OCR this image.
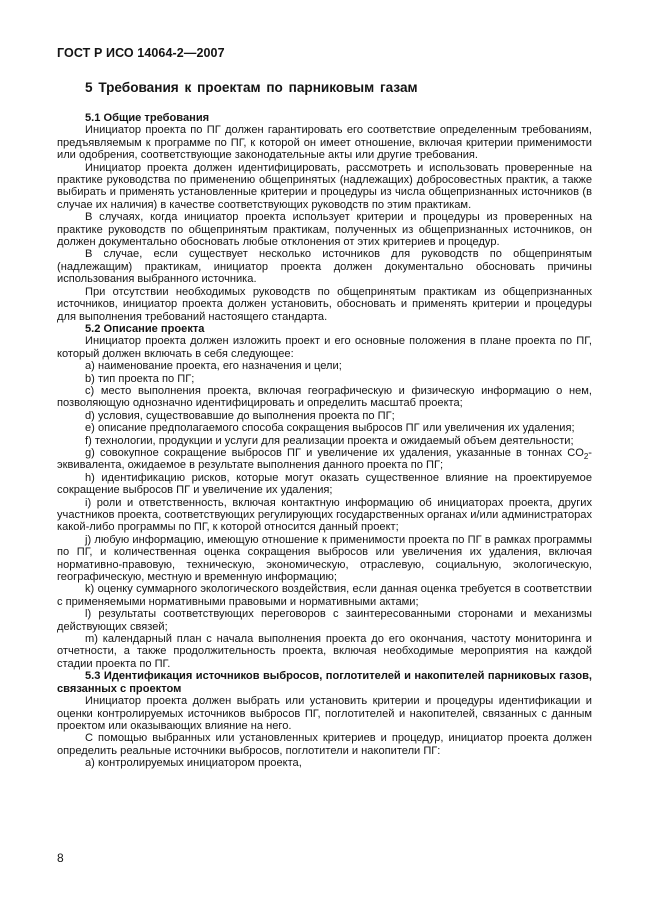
ГОСТ Р ИСО 14064-2—2007

5 Требования к проектам по парниковым газам

5.1 Общие требования

Инициатор проекта по ПГ должен гарантировать его соответствие определенным требованиям, предъявляемым к программе по ПГ, к которой он имеет отношение, включая критерии применимости или одобрения, соответствующие законодательные акты или другие требования.

Инициатор проекта должен идентифицировать, рассмотреть и использовать проверенные на практике руководства по применению общепринятых (надлежащих) добросовестных практик, а также выбирать и применять установленные критерии и процедуры из числа общепризнанных источников (в случае их наличия) в качестве соответствующих руководств по этим практикам.

В случаях, когда инициатор проекта использует критерии и процедуры из проверенных на практике руководств по общепринятым практикам, полученных из общепризнанных источников, он должен документально обосновать любые отклонения от этих критериев и процедур.

В случае, если существует несколько источников для руководств по общепринятым (надлежащим) практикам, инициатор проекта должен документально обосновать причины использования выбранного источника.

При отсутствии необходимых руководств по общепринятым практикам из общепризнанных источников, инициатор проекта должен установить, обосновать и применять критерии и процедуры для выполнения требований настоящего стандарта.

5.2 Описание проекта

Инициатор проекта должен изложить проект и его основные положения в плане проекта по ПГ, который должен включать в себя следующее:

а) наименование проекта, его назначения и цели;

b) тип проекта по ПГ;

с) место выполнения проекта, включая географическую и физическую информацию о нем, позволяющую однозначно идентифицировать и определить масштаб проекта;

d) условия, существовавшие до выполнения проекта по ПГ;

е) описание предполагаемого способа сокращения выбросов ПГ или увеличения их удаления;

f) технологии, продукции и услуги для реализации проекта и ожидаемый объем деятельности;

g) совокупное сокращение выбросов ПГ и увеличение их удаления, указанные в тоннах $CO_2$-эквивалента, ожидаемое в результате выполнения данного проекта по ПГ;

h) идентификацию рисков, которые могут оказать существенное влияние на проектируемое сокращение выбросов ПГ и увеличение их удаления;

i) роли и ответственность, включая контактную информацию об инициаторах проекта, других участников проекта, соответствующих регулирующих государственных органах и/или администраторах какой-либо программы по ПГ, к которой относится данный проект;

j) любую информацию, имеющую отношение к применимости проекта по ПГ в рамках программы по ПГ, и количественная оценка сокращения выбросов или увеличения их удаления, включая нормативно-правовую, техническую, экономическую, отраслевую, социальную, экологическую, географическую, местную и временную информацию;

k) оценку суммарного экологического воздействия, если данная оценка требуется в соответствии с применяемыми нормативными правовыми и нормативными актами;

l) результаты соответствующих переговоров с заинтересованными сторонами и механизмы действующих связей;

m) календарный план с начала выполнения проекта до его окончания, частоту мониторинга и отчетности, а также продолжительность проекта, включая необходимые мероприятия на каждой стадии проекта по ПГ.

5.3 Идентификация источников выбросов, поглотителей и накопителей парниковых газов, связанных с проектом

Инициатор проекта должен выбрать или установить критерии и процедуры идентификации и оценки контролируемых источников выбросов ПГ, поглотителей и накопителей, связанных с данным проектом или оказывающих влияние на него.

С помощью выбранных или установленных критериев и процедур, инициатор проекта должен определить реальные источники выбросов, поглотители и накопители ПГ:

а) контролируемых инициатором проекта,

8
